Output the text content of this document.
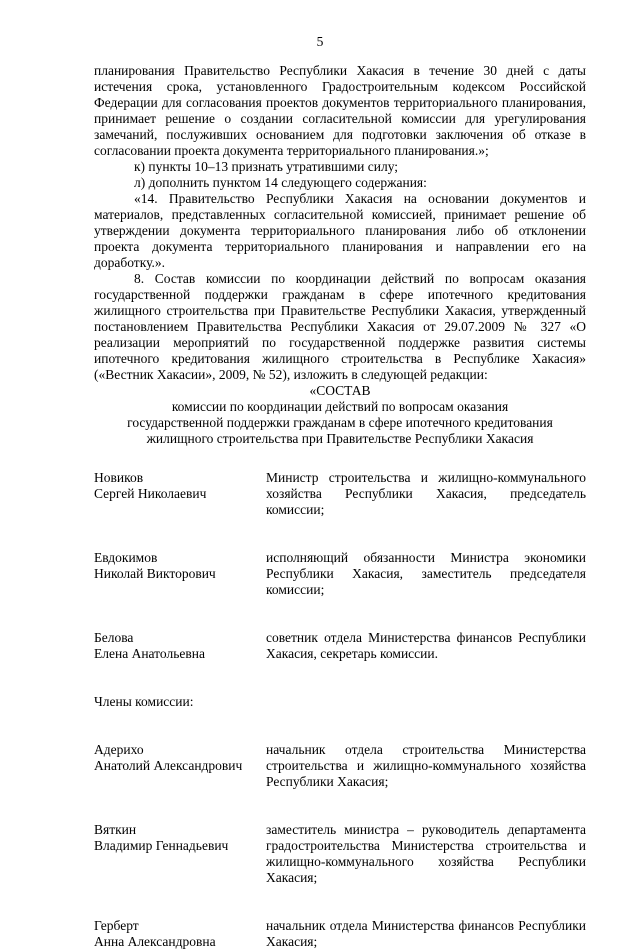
5

планирования Правительство Республики Хакасия в течение 30 дней с даты истечения срока, установленного Градостроительным кодексом Российской Федерации для согласования проектов документов территориального планирования, принимает решение о создании согласительной комиссии для урегулирования замечаний, послуживших основанием для подготовки заключения об отказе в согласовании проекта документа территориального планирования.»;

к) пункты 10–13 признать утратившими силу;

л) дополнить пунктом 14 следующего содержания:

«14. Правительство Республики Хакасия на основании документов и материалов, представленных согласительной комиссией, принимает решение об утверждении документа территориального планирования либо об отклонении проекта документа территориального планирования и направлении его на доработку.».

8. Состав комиссии по координации действий по вопросам оказания государственной поддержки гражданам в сфере ипотечного кредитования жилищного строительства при Правительстве Республики Хакасия, утвержденный постановлением Правительства Республики Хакасия от 29.07.2009 № 327 «О реализации мероприятий по государственной поддержке развития системы ипотечного кредитования жилищного строительства в Республике Хакасия» («Вестник Хакасии», 2009, № 52), изложить в следующей редакции:

«СОСТАВ

комиссии по координации действий по вопросам оказания

государственной поддержки гражданам в сфере ипотечного кредитования

жилищного строительства при Правительстве Республики Хакасия

Новиков
Сергей Николаевич
Министр строительства и жилищно-коммунального хозяйства Республики Хакасия, председатель комиссии;
Евдокимов
Николай Викторович
исполняющий обязанности Министра экономики Республики Хакасия, заместитель председателя комиссии;
Белова
Елена Анатольевна
советник отдела Министерства финансов Республики Хакасия, секретарь комиссии.
Члены комиссии:
Адерихо
Анатолий Александрович
начальник отдела строительства Министерства строительства и жилищно-коммунального хозяйства Республики Хакасия;
Вяткин
Владимир Геннадьевич
заместитель министра – руководитель департамента градостроительства Министерства строительства и жилищно-коммунального хозяйства Республики Хакасия;
Герберт
Анна Александровна
начальник отдела Министерства финансов Республики Хакасия;
